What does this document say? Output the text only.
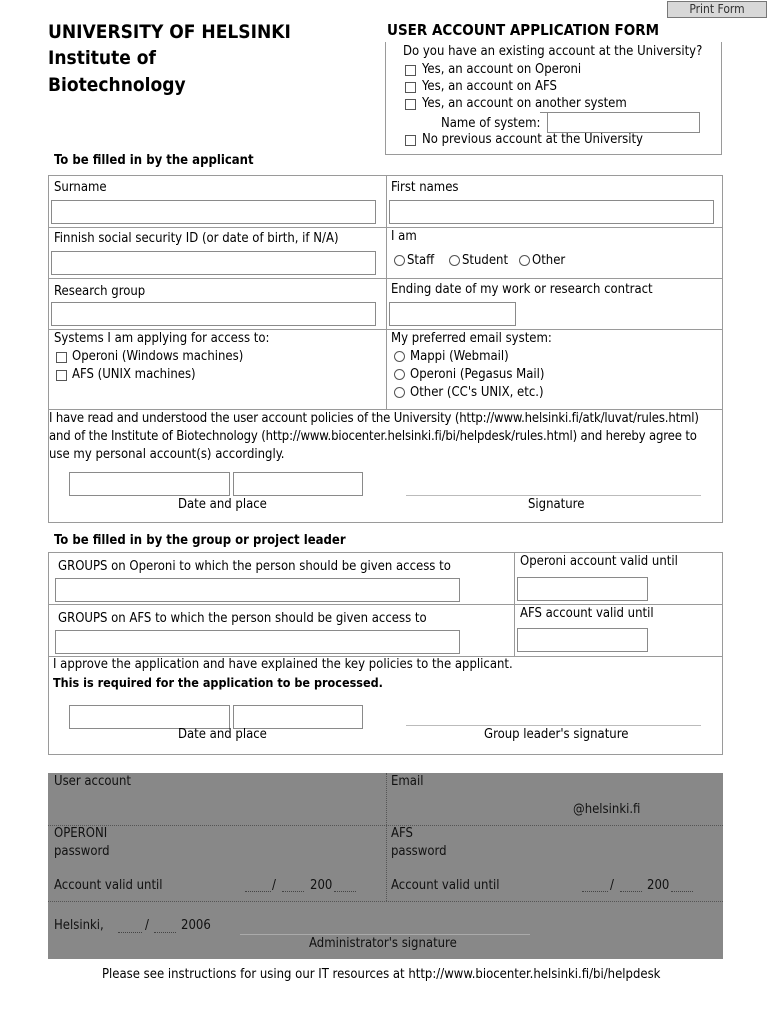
Print Form
UNIVERSITY OF HELSINKI
Institute of
Biotechnology
USER ACCOUNT APPLICATION FORM
Do you have an existing account at the University?
Yes, an account on Operoni
Yes, an account on AFS
Yes, an account on another system
Name of system:
No previous account at the University
To be filled in by the applicant
Surname	First names
Finnish social security ID (or date of birth, if N/A)	I am
Staff Student Other
Research group	Ending date of my work or research contract
Systems I am applying for access to:
Operoni (Windows machines)
AFS (UNIX machines)
My preferred email system:
Mappi (Webmail)
Operoni (Pegasus Mail)
Other (CC's UNIX, etc.)
I have read and understood the user account policies of the University (http://www.helsinki.fi/atk/luvat/rules.html)
and of the Institute of Biotechnology (http://www.biocenter.helsinki.fi/bi/helpdesk/rules.html) and hereby agree to
use my personal account(s) accordingly.
Date and place	Signature
To be filled in by the group or project leader
GROUPS on Operoni to which the person should be given access to	Operoni account valid until
GROUPS on AFS to which the person should be given access to	AFS account valid until
I approve the application and have explained the key policies to the applicant.
This is required for the application to be processed.
Date and place	Group leader's signature
User account	Email
@helsinki.fi
OPERONI
password
AFS
password
Account valid until	/	200	Account valid until	/	200
Helsinki,	/ 2006
Administrator's signature
Please see instructions for using our IT resources at http://www.biocenter.helsinki.fi/bi/helpdesk
